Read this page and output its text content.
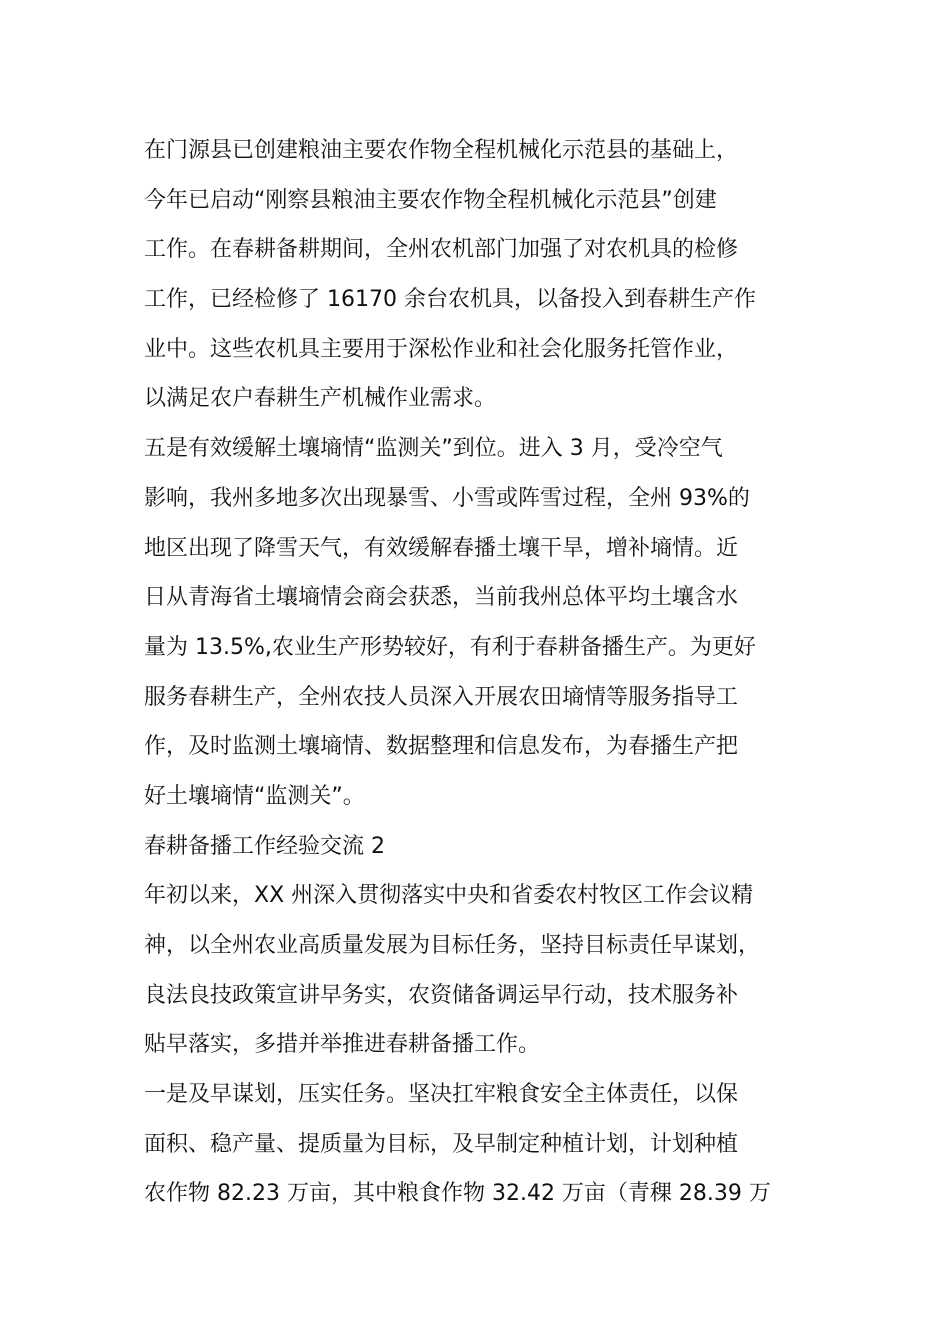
在门源县已创建粮油主要农作物全程机械化示范县的基础上，
今年已启动“刚察县粮油主要农作物全程机械化示范县”创建
工作。在春耕备耕期间，全州农机部门加强了对农机具的检修
工作，已经检修了 16170 余台农机具，以备投入到春耕生产作
业中。这些农机具主要用于深松作业和社会化服务托管作业，
以满足农户春耕生产机械作业需求。
五是有效缓解土壤墒情“监测关”到位。进入 3 月，受冷空气
影响，我州多地多次出现暴雪、小雪或阵雪过程，全州 93%的
地区出现了降雪天气，有效缓解春播土壤干旱，增补墒情。近
日从青海省土壤墒情会商会获悉，当前我州总体平均土壤含水
量为 13.5%,农业生产形势较好，有利于春耕备播生产。为更好
服务春耕生产，全州农技人员深入开展农田墒情等服务指导工
作，及时监测土壤墒情、数据整理和信息发布，为春播生产把
好土壤墒情“监测关”。
春耕备播工作经验交流 2
年初以来，XX 州深入贯彻落实中央和省委农村牧区工作会议精
神，以全州农业高质量发展为目标任务，坚持目标责任早谋划，
良法良技政策宣讲早务实，农资储备调运早行动，技术服务补
贴早落实，多措并举推进春耕备播工作。
一是及早谋划，压实任务。坚决扛牢粮食安全主体责任，以保
面积、稳产量、提质量为目标，及早制定种植计划，计划种植
农作物 82.23 万亩，其中粮食作物 32.42 万亩（青稞 28.39 万
